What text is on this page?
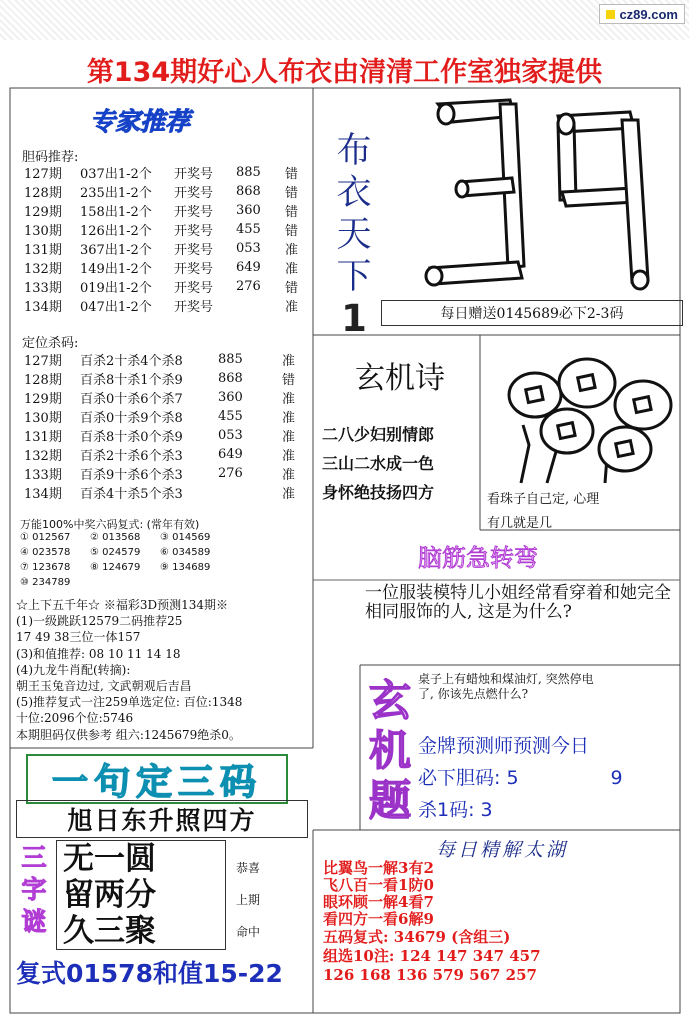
cz89.com
第134期好心人布衣由清清工作室独家提供
专家推荐
胆码推荐:
127期	037出1-2个	开奖号	885	错
128期	235出1-2个	开奖号	868	错
129期	158出1-2个	开奖号	360	错
130期	126出1-2个	开奖号	455	错
131期	367出1-2个	开奖号	053	准
132期	149出1-2个	开奖号	649	准
133期	019出1-2个	开奖号	276	错
134期	047出1-2个	开奖号		准
定位杀码:
127期	百杀2十杀4个杀8	885	准
128期	百杀8十杀1个杀9	868	错
129期	百杀0十杀6个杀7	360	准
130期	百杀0十杀9个杀8	455	准
131期	百杀8十杀0个杀9	053	准
132期	百杀2十杀6个杀3	649	准
133期	百杀9十杀6个杀3	276	准
134期	百杀4十杀5个杀3		准
万能100%中奖六码复式: (常年有效)
① 012567	② 013568	③ 014569
④ 023578	⑤ 024579	⑥ 034589
⑦ 123678	⑧ 124679	⑨ 134689
⑩ 234789
☆上下五千年☆ ※福彩3D预测134期※
(1)一级跳跃12579二码推荐25
17 49 38三位一体157
(3)和值推荐: 08 10 11 14 18
(4)九龙牛肖配(转摘):
朝王玉兔音边过, 文武朝观后吉昌
(5)推荐复式一注259单选定位: 百位:1348
十位:2096个位:5746
本期胆码仅供参考 组六:1245679绝杀0。
一句定三码
旭日东升照四方
三
字
谜
无一圆
留两分
久三聚
恭喜
上期
命中
复式01578和值15-22
布
衣
天
下
1	每日赠送0145689必下2-3码
玄机诗
二八少妇别情郎
三山二水成一色
身怀绝技扬四方	看珠子自己定, 心理
有几就是几
脑筋急转弯
一位服装模特儿小姐经常看穿着和她完全相同服饰的人, 这是为什么?
玄
机
题
桌子上有蜡烛和煤油灯, 突然停电
了, 你该先点燃什么?
金牌预测师预测今日
必下胆码: 5	9
杀1码: 3
每日精解太湖
比翼鸟一解3有2
飞八百一看1防0
眼环顾一解4看7
看四方一看6解9
五码复式: 34679 (含组三)
组选10注: 124 147 347 457
126 168 136 579 567 257
